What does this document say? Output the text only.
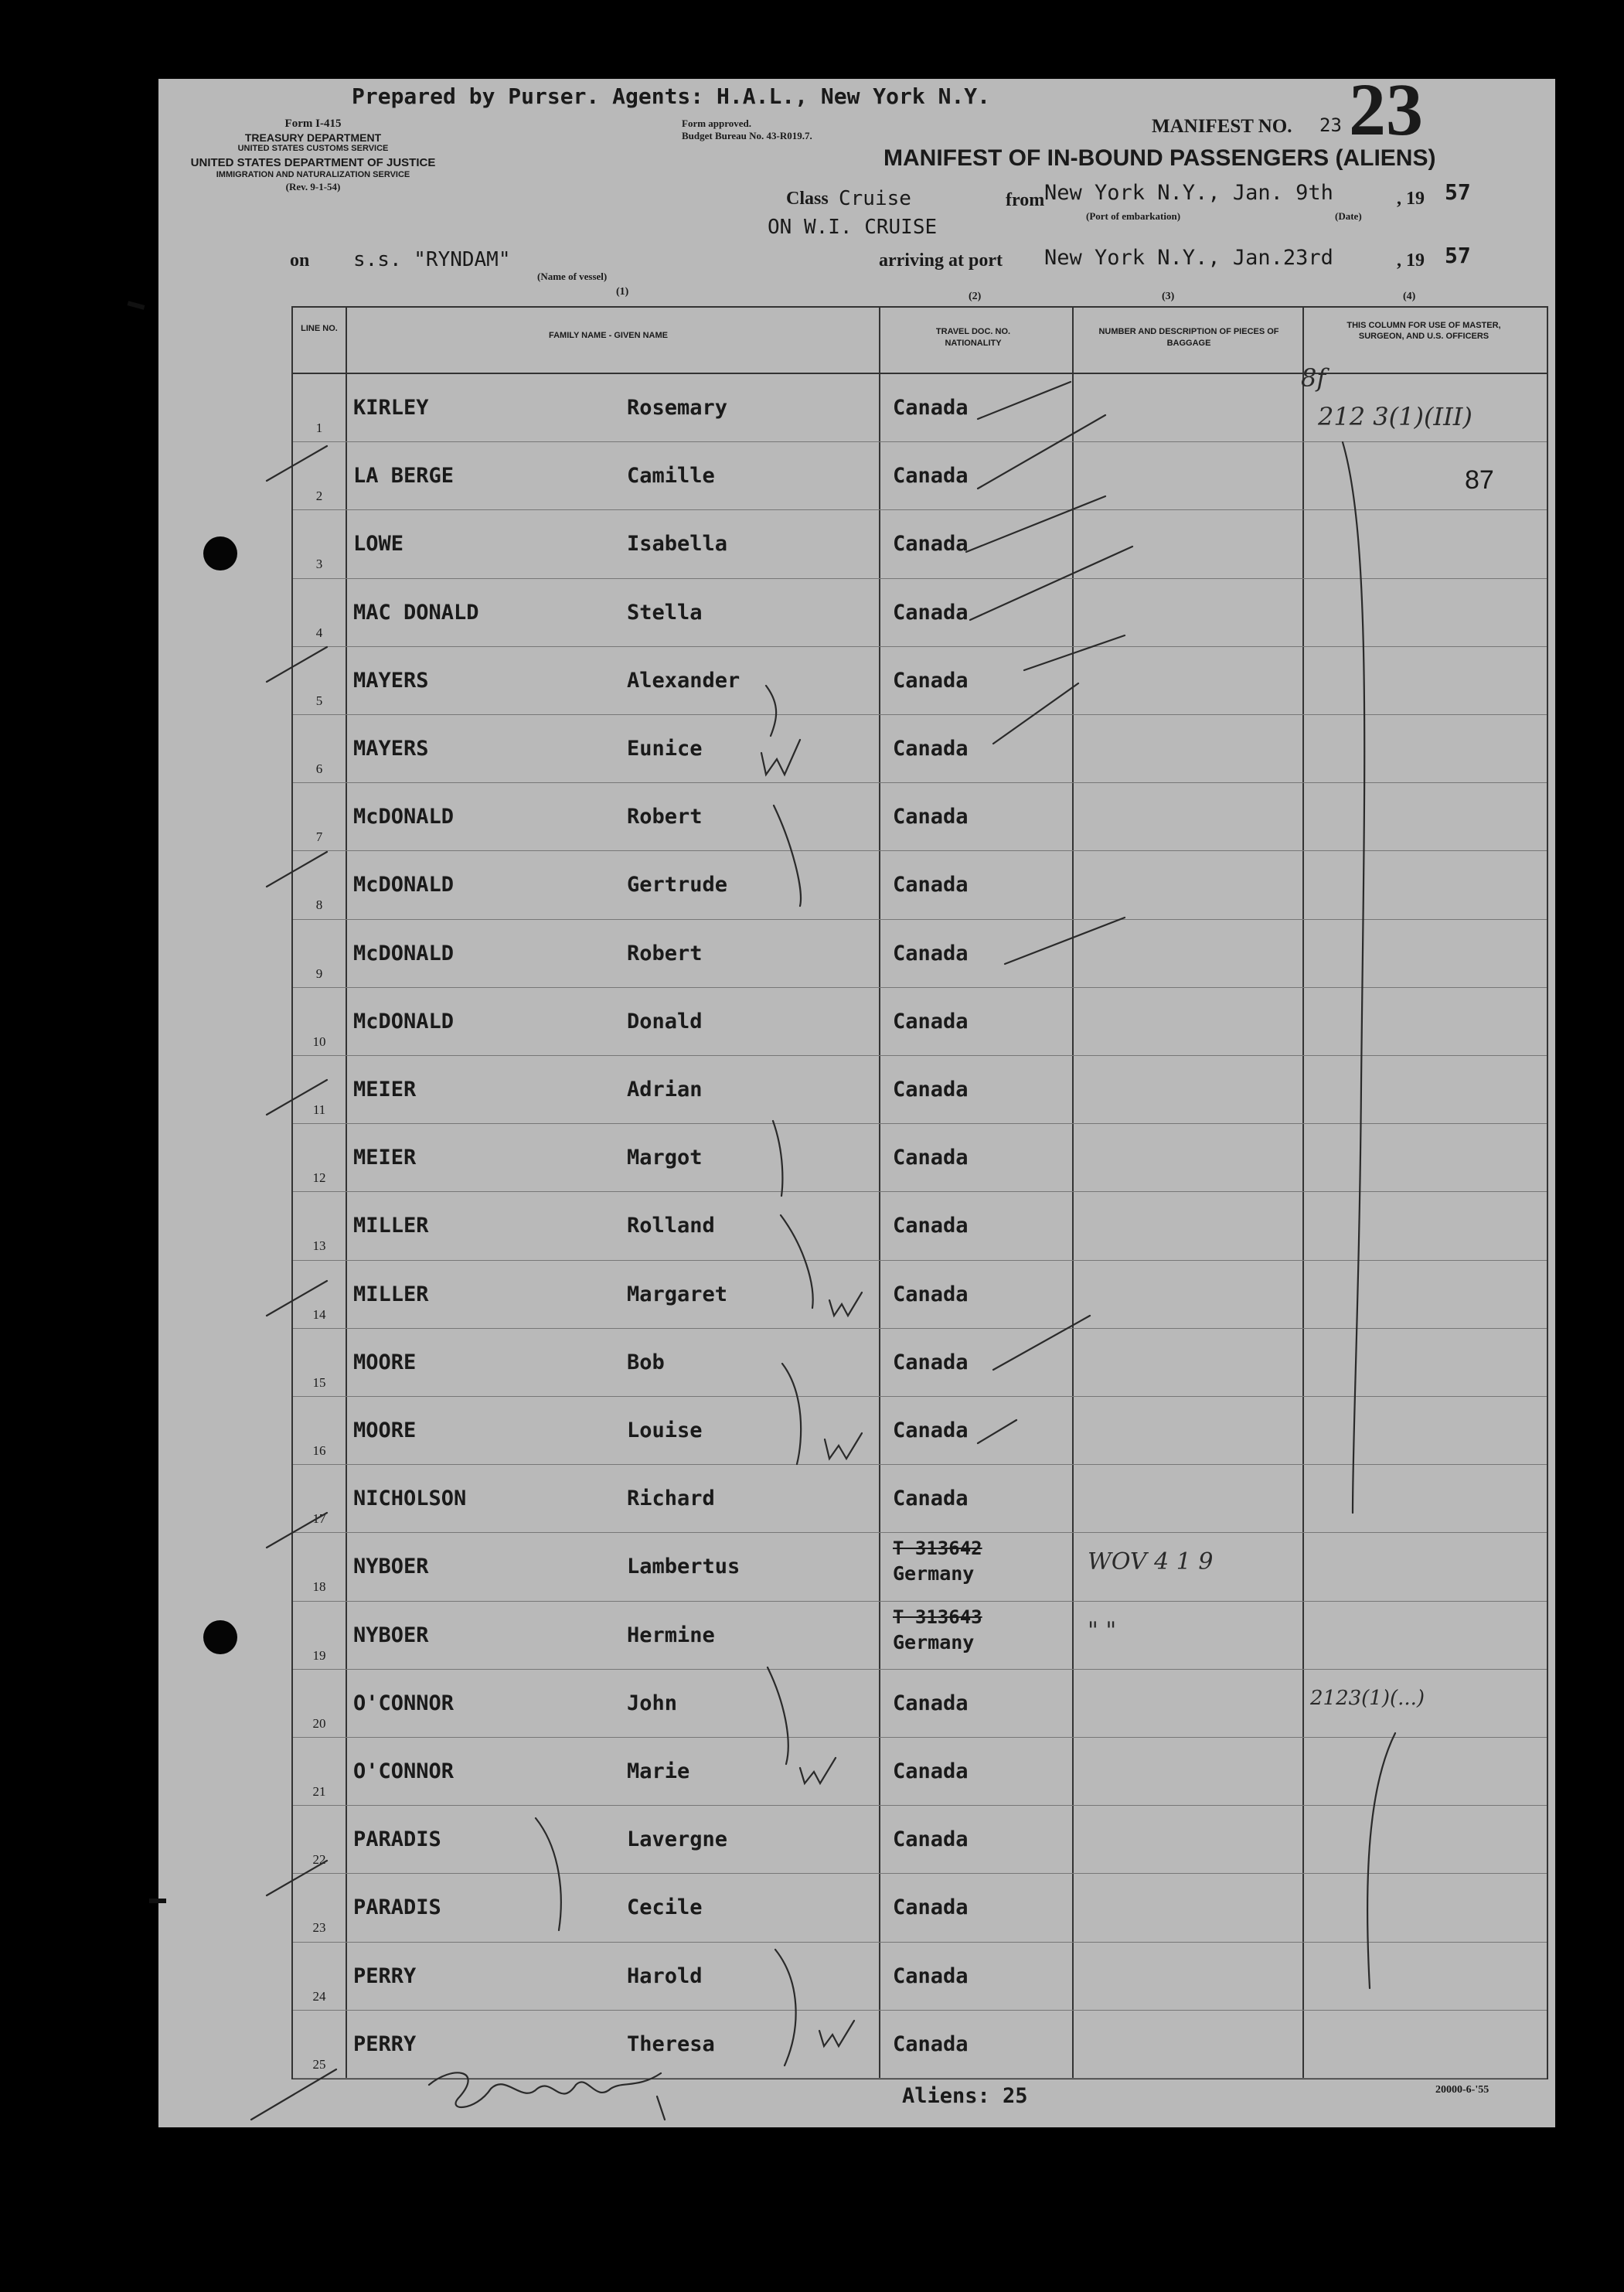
Prepared by Purser. Agents: H.A.L., New York N.Y.
Form I-415
TREASURY DEPARTMENT
UNITED STATES CUSTOMS SERVICE
UNITED STATES DEPARTMENT OF JUSTICE
IMMIGRATION AND NATURALIZATION SERVICE
(Rev. 9-1-54)
Form approved.
Budget Bureau No. 43-R019.7.	MANIFEST NO. 23 23
MANIFEST OF IN-BOUND PASSENGERS (ALIENS)
Class Cruise
ON W.I. CRUISE
from New York N.Y., Jan. 9th
(Port of embarkation)	(Date)
, 19 57
on s.s. "RYNDAM"
(Name of vessel)
(1)
arriving at port New York N.Y., Jan.23rd	, 19 57
(2)	(3)	(4)
LINE NO.
FAMILY NAME - GIVEN NAME	TRAVEL DOC. NO. NATIONALITY
NUMBER AND DESCRIPTION OF PIECES OF BAGGAGE
THIS COLUMN FOR USE OF MASTER, SURGEON, AND U.S. OFFICERS
1
KIRLEY	Rosemary	Canada
2
LA BERGE	Camille	Canada
3
LOWE	Isabella	Canada
4
MAC DONALD	Stella	Canada
5
MAYERS	Alexander	Canada
6
MAYERS	Eunice	Canada
7
McDONALD	Robert	Canada
8
McDONALD	Gertrude	Canada
9
McDONALD	Robert	Canada
10
McDONALD	Donald	Canada
11
MEIER	Adrian	Canada
12
MEIER	Margot	Canada
13
MILLER	Rolland	Canada
14
MILLER	Margaret	Canada
15
MOORE	Bob	Canada
16
MOORE	Louise	Canada
17
NICHOLSON	Richard	Canada
18
NYBOER	Lambertus
T 313642
Germany	WOV 4 1 9
19
NYBOER	Hermine
T 313643
Germany	" "
20
O'CONNOR	John	Canada
21
O'CONNOR	Marie	Canada
22
PARADIS	Lavergne	Canada
23
PARADIS	Cecile	Canada
24
PERRY	Harold	Canada
25
PERRY	Theresa	Canada
Aliens: 25	20000-6-'55
8f
212 3(1)(III)
87
2123(1)(...)
